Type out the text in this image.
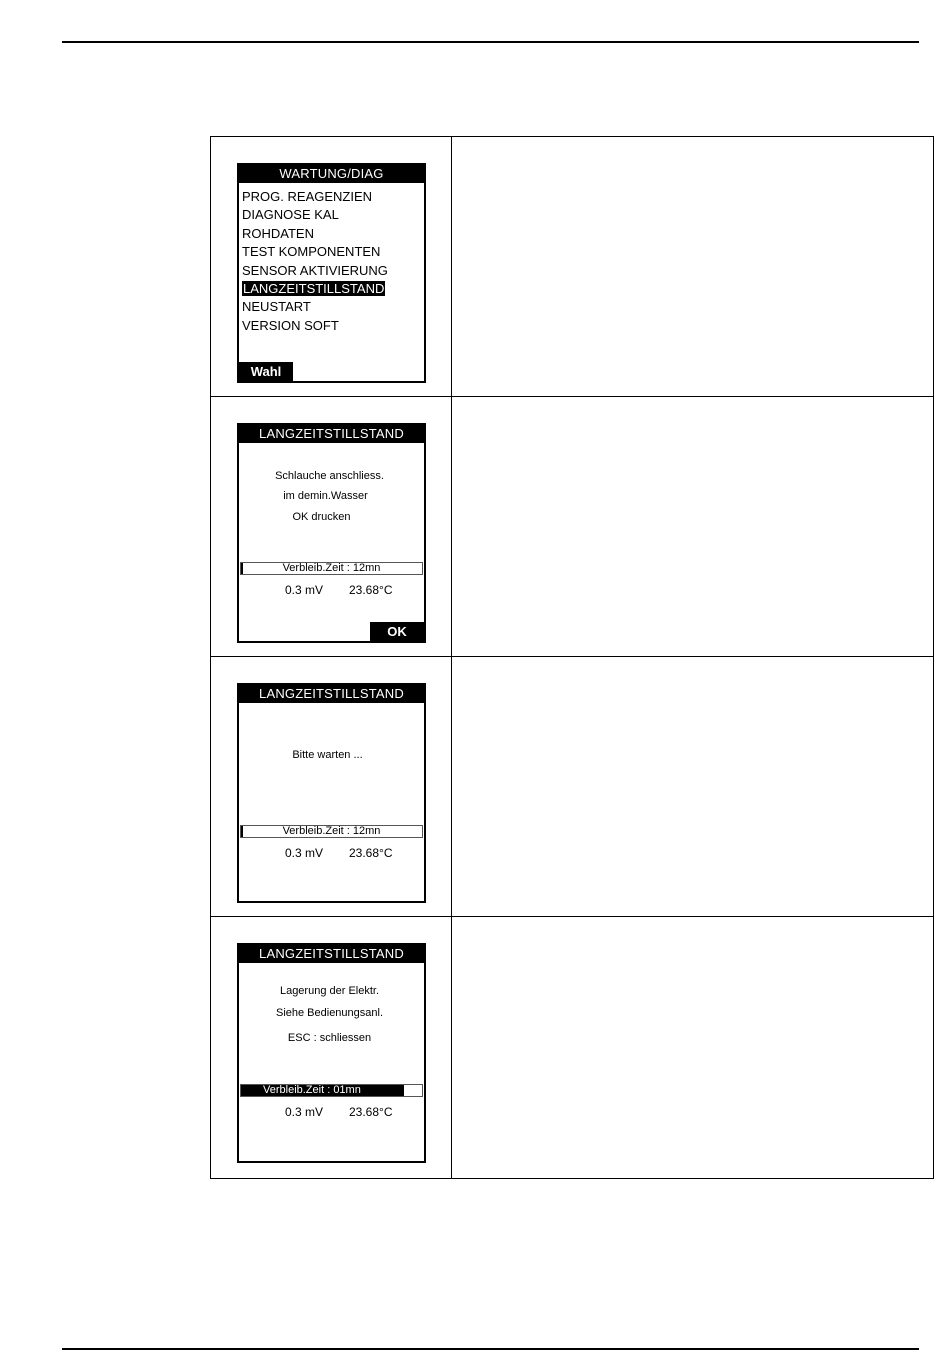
WARTUNG/DIAG
PROG. REAGENZIEN
DIAGNOSE KAL
ROHDATEN
TEST KOMPONENTEN
SENSOR AKTIVIERUNG
LANGZEITSTILLSTAND
NEUSTART
VERSION SOFT
Wahl
LANGZEITSTILLSTAND
Schlauche anschliess.
im demin.Wasser
OK drucken
Verbleib.Zeit : 12mn
0.3 mV 23.68°C
OK
LANGZEITSTILLSTAND
Bitte warten ...
Verbleib.Zeit : 12mn
0.3 mV 23.68°C
LANGZEITSTILLSTAND
Lagerung der Elektr.
Siehe Bedienungsanl.
ESC : schliessen
Verbleib.Zeit : 01mn
0.3 mV 23.68°C
